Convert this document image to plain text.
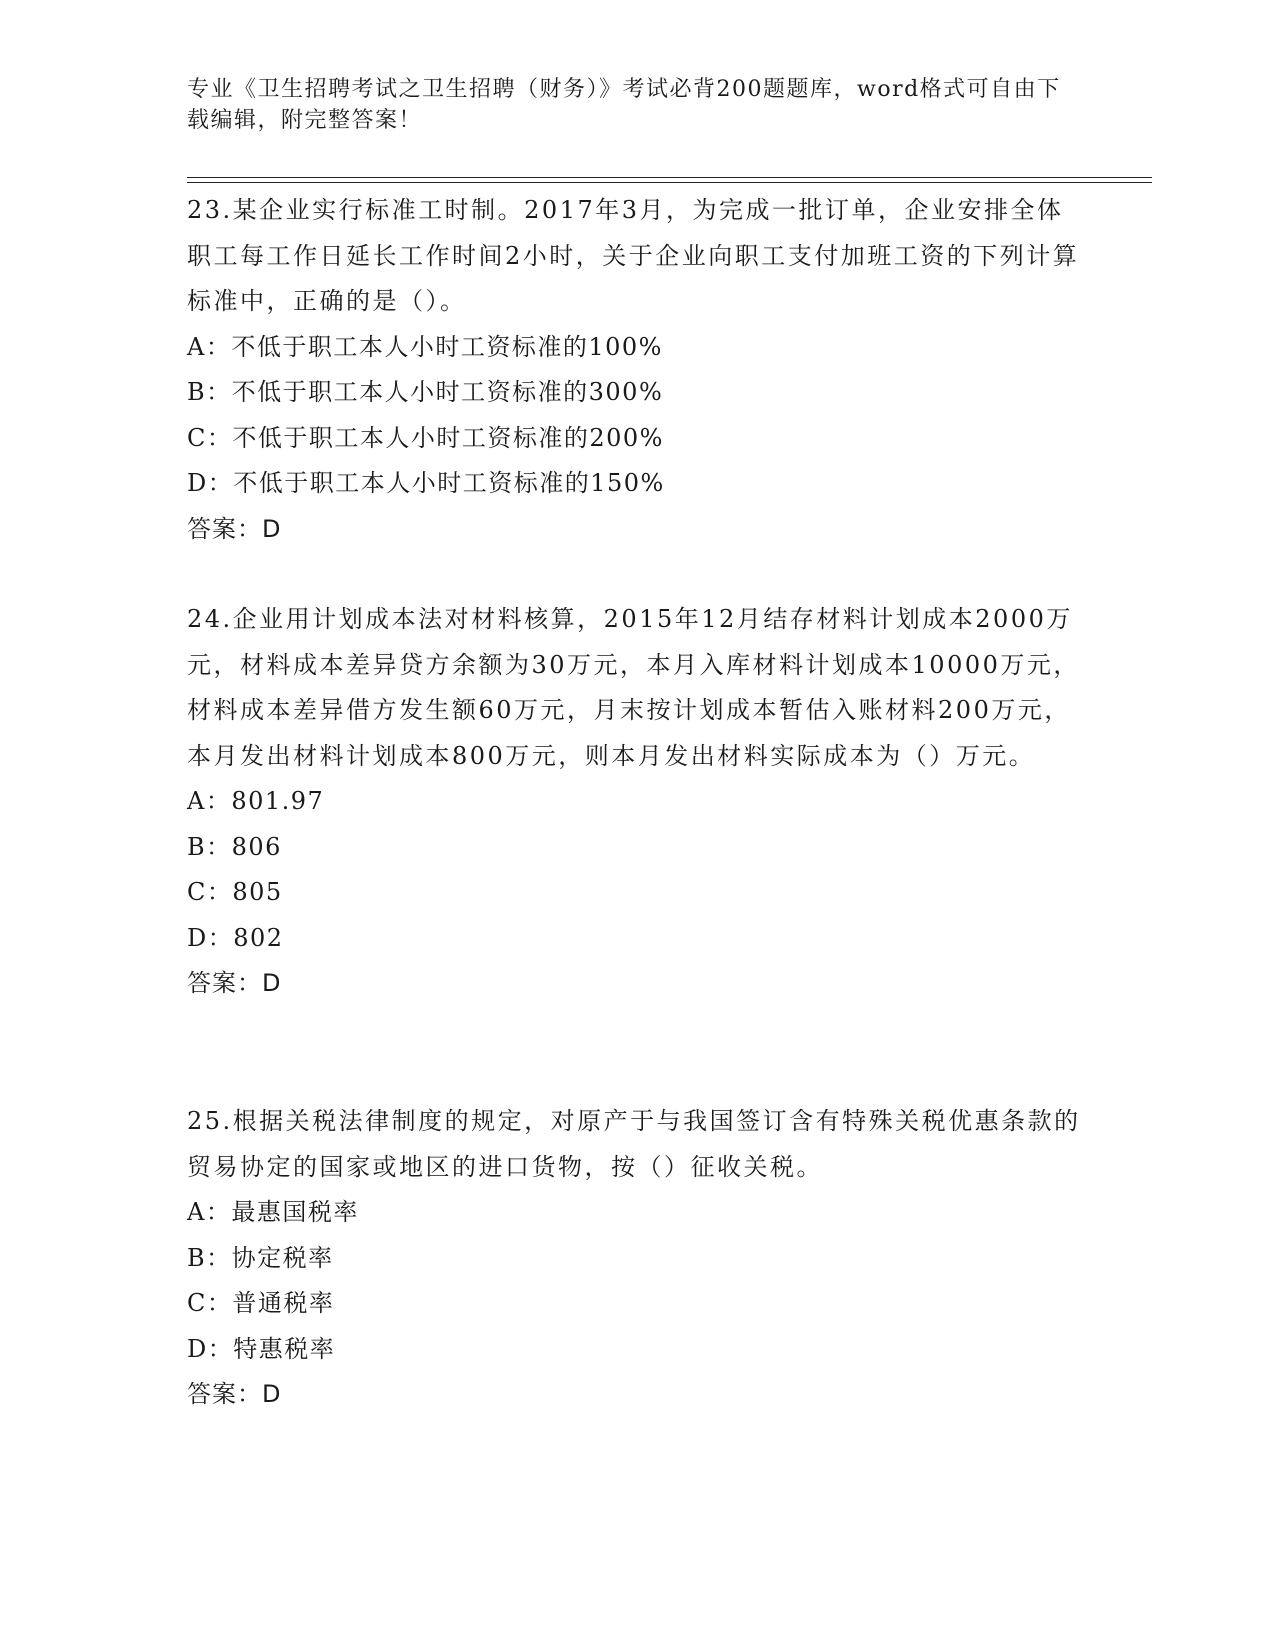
专业《卫生招聘考试之卫生招聘（财务）》考试必背200题题库，word格式可自由下载编辑，附完整答案！

23.某企业实行标准工时制。2017年3月，为完成一批订单，企业安排全体职工每工作日延长工作时间2小时，关于企业向职工支付加班工资的下列计算标准中，正确的是（）。

A：不低于职工本人小时工资标准的100%

B：不低于职工本人小时工资标准的300%

C：不低于职工本人小时工资标准的200%

D：不低于职工本人小时工资标准的150%

答案：D

24.企业用计划成本法对材料核算，2015年12月结存材料计划成本2000万元，材料成本差异贷方余额为30万元，本月入库材料计划成本10000万元，材料成本差异借方发生额60万元，月末按计划成本暂估入账材料200万元，本月发出材料计划成本800万元，则本月发出材料实际成本为（）万元。

A：801.97

B：806

C：805

D：802

答案：D

25.根据关税法律制度的规定，对原产于与我国签订含有特殊关税优惠条款的贸易协定的国家或地区的进口货物，按（）征收关税。

A：最惠国税率

B：协定税率

C：普通税率

D：特惠税率

答案：D
